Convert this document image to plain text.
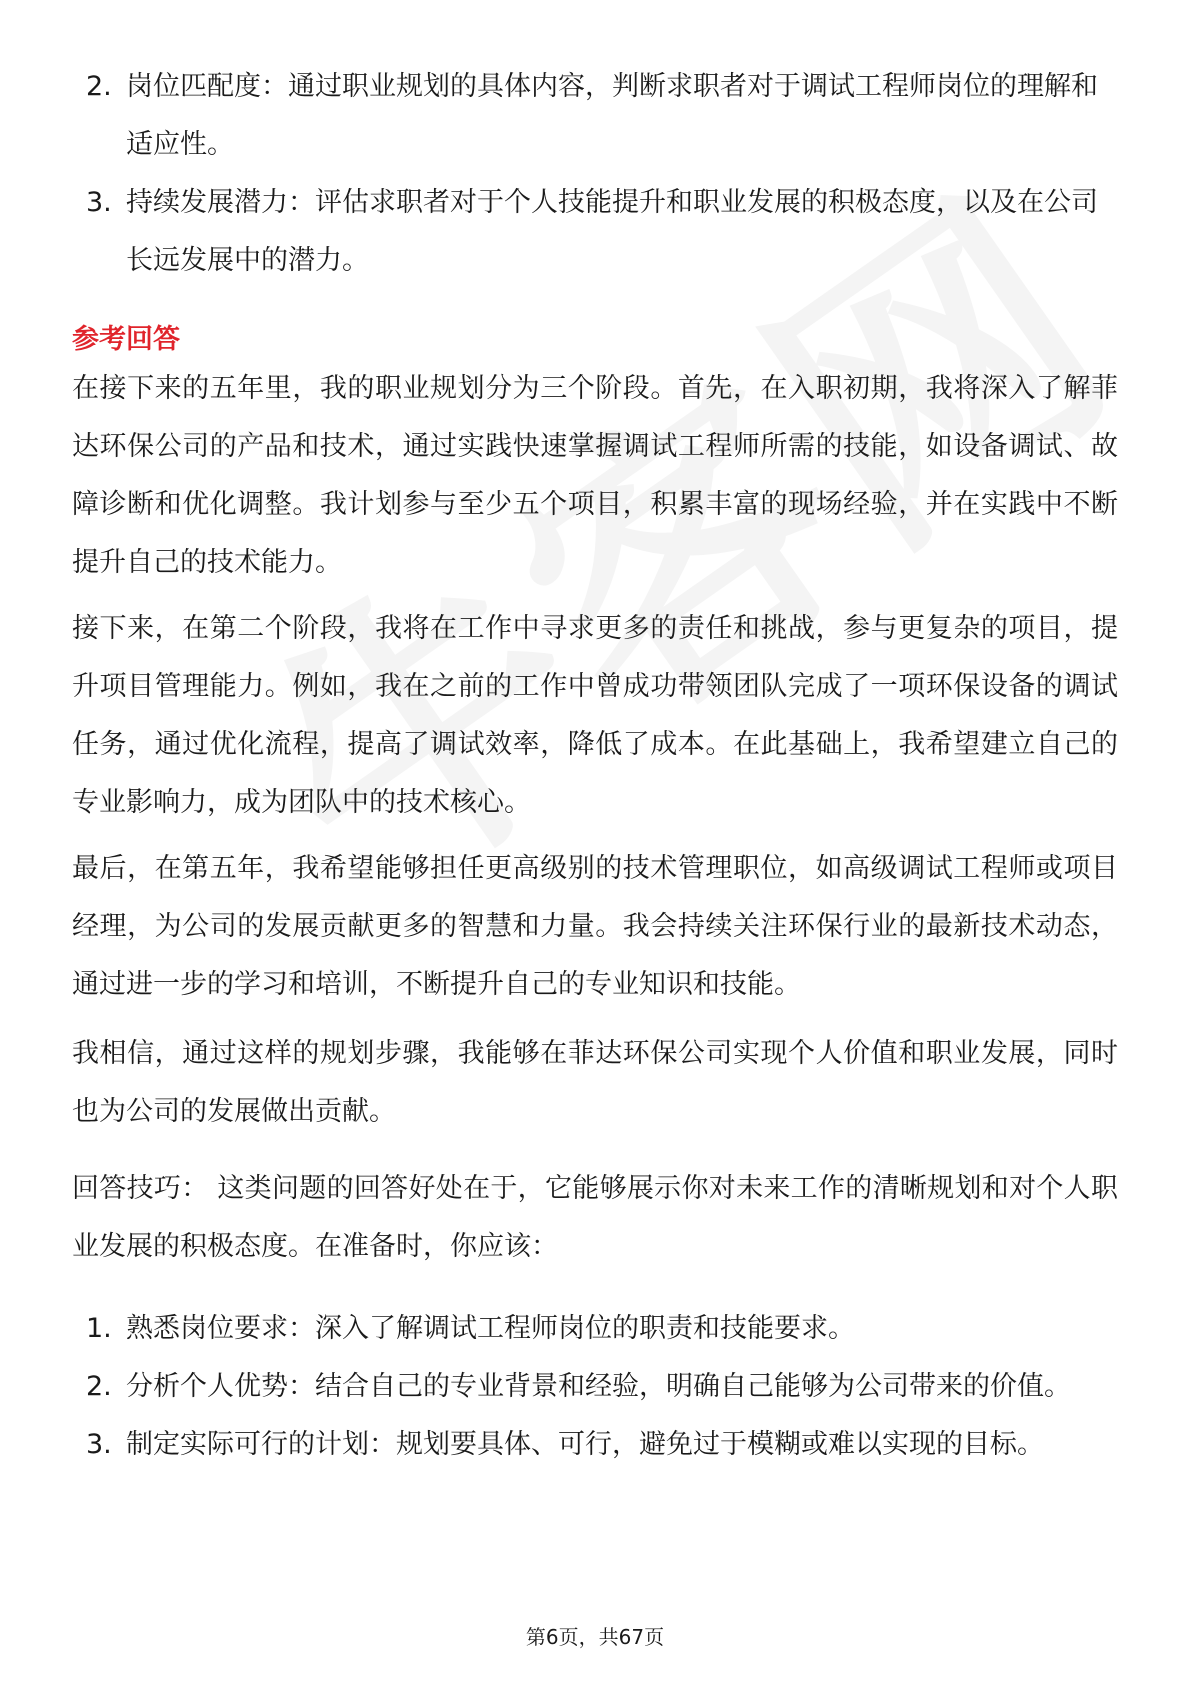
2. 岗位匹配度：通过职业规划的具体内容，判断求职者对于调试工程师岗位的理解和适应性。
3. 持续发展潜力：评估求职者对于个人技能提升和职业发展的积极态度，以及在公司长远发展中的潜力。
参考回答
在接下来的五年里，我的职业规划分为三个阶段。首先，在入职初期，我将深入了解菲达环保公司的产品和技术，通过实践快速掌握调试工程师所需的技能，如设备调试、故障诊断和优化调整。我计划参与至少五个项目，积累丰富的现场经验，并在实践中不断提升自己的技术能力。
接下来，在第二个阶段，我将在工作中寻求更多的责任和挑战，参与更复杂的项目，提升项目管理能力。例如，我在之前的工作中曾成功带领团队完成了一项环保设备的调试任务，通过优化流程，提高了调试效率，降低了成本。在此基础上，我希望建立自己的专业影响力，成为团队中的技术核心。
最后，在第五年，我希望能够担任更高级别的技术管理职位，如高级调试工程师或项目经理，为公司的发展贡献更多的智慧和力量。我会持续关注环保行业的最新技术动态，通过进一步的学习和培训，不断提升自己的专业知识和技能。
我相信，通过这样的规划步骤，我能够在菲达环保公司实现个人价值和职业发展，同时也为公司的发展做出贡献。
回答技巧： 这类问题的回答好处在于，它能够展示你对未来工作的清晰规划和对个人职业发展的积极态度。在准备时，你应该：
1. 熟悉岗位要求：深入了解调试工程师岗位的职责和技能要求。
2. 分析个人优势：结合自己的专业背景和经验，明确自己能够为公司带来的价值。
3. 制定实际可行的计划：规划要具体、可行，避免过于模糊或难以实现的目标。
第6页，共67页
